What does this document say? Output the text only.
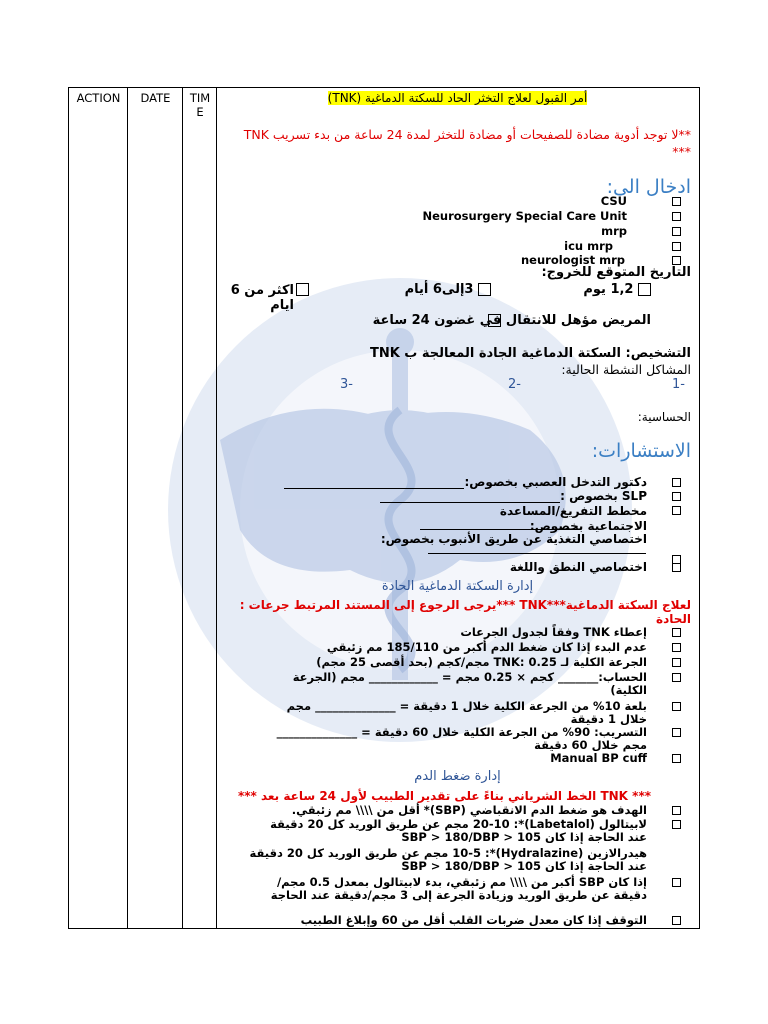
ACTION	DATE	TIM E
أمر القبول لعلاج التخثر الحاد للسكتة الدماغية (TNK)
**لا توجد أدوية مضادة للصفيحات أو مضادة للتخثر لمدة 24 ساعة من بدء تسريب TNK ***
ادخال الى:
CSU
Neurosurgery Special Care Unit
mrp
icu mrp
neurologist mrp
التاريخ المتوقع للخروج:
1,2 يوم
3إلى6 أيام
اكثر من 6 ايام
المريض مؤهل للانتقال في غضون 24 ساعة
التشخيص: السكتة الدماغية الجادة المعالجة ب TNK
المشاكل النشطة الحالية:
-1
-2
-3
الحساسية:
الاستشارات:
دكتور التدخل العصبي بخصوص:
SLP بخصوص :
مخطط التفريغ/المساعدة الاجتماعية بخصوص:
اختصاصي التغذية عن طريق الأنبوب بخصوص:
اختصاصي النطق واللغة
إدارة السكتة الدماغية الحادة
لعلاج السكتة الدماغية***TNK ***يرجى الرجوع إلى المستند المرتبط جرعات : الحادة
إعطاء TNK وفقاً لجدول الجرعات
عدم البدء إذا كان ضغط الدم أكبر من 185/110 مم زئبقي
الجرعة الكلية لـ TNK: 0.25 مجم/كجم (بحد أقصى 25 مجم)
الحساب:_______ كجم × 0.25 مجم = ____________ مجم (الجرعة الكلية)
بلعة 10% من الجرعة الكلية خلال 1 دقيقة = ______________ مجم خلال 1 دقيقة
التسريب: 90% من الجرعة الكلية خلال 60 دقيقة = ______________ مجم خلال 60 دقيقة
Manual BP cuff
إدارة ضغط الدم
*** TNK الخط الشرياني بناءً على تقدير الطبيب لأول 24 ساعة بعد ***
الهدف هو ضغط الدم الانقباضي (SBP)* أقل من \\\\ مم زئبقي.
لابيتالول (Labetalol)*: 20-10 مجم عن طريق الوريد كل 20 دقيقة عند الحاجة إذا كان SBP > 180/DBP > 105
هيدرالازين (Hydralazine)*: 10-5 مجم عن طريق الوريد كل 20 دقيقة عند الحاجة إذا كان SBP > 180/DBP > 105
إذا كان SBP أكبر من \\\\ مم زئبقي، بدء لابيتالول بمعدل 0.5 مجم/دقيقة عن طريق الوريد وزيادة الجرعة إلى 3 مجم/دقيقة عند الحاجة
التوقف إذا كان معدل ضربات القلب أقل من 60 وإبلاغ الطبيب
